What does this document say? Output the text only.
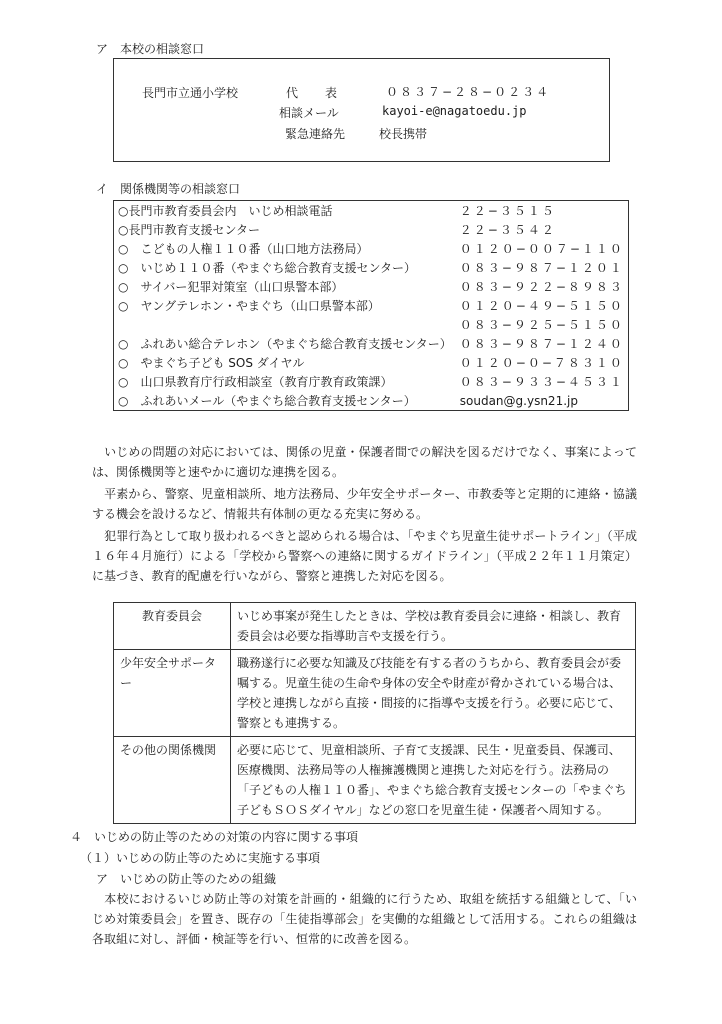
ア　本校の相談窓口
長門市立通小学校	代　　表	０８３７−２８−０２３４
相談メール	kayoi-e@nagatoedu.jp
緊急連絡先	校長携帯
イ　関係機関等の相談窓口
○長門市教育委員会内　いじめ相談電話	２２−３５１５
○長門市教育支援センター	２２−３５４２
○　こどもの人権１１０番（山口地方法務局）	０１２０−００７−１１０
○　いじめ１１０番（やまぐち総合教育支援センター）	０８３−９８７−１２０１
○　サイバー犯罪対策室（山口県警本部）	０８３−９２２−８９８３
○　ヤングテレホン・やまぐち（山口県警本部）	０１２０−４９−５１５０
	０８３−９２５−５１５０
○　ふれあい総合テレホン（やまぐち総合教育支援センター）	０８３−９８７−１２４０
○　やまぐち子ども SOS ダイヤル	０１２０−０−７８３１０
○　山口県教育庁行政相談室（教育庁教育政策課）	０８３−９３３−４５３１
○　ふれあいメール（やまぐち総合教育支援センター）	soudan@g.ysn21.jp
　いじめの問題の対応においては、関係の児童・保護者間での解決を図るだけでなく、事案によっては、関係機関等と速やかに適切な連携を図る。
　平素から、警察、児童相談所、地方法務局、少年安全サポーター、市教委等と定期的に連絡・協議する機会を設けるなど、情報共有体制の更なる充実に努める。
　犯罪行為として取り扱われるべきと認められる場合は、「やまぐち児童生徒サポートライン」（平成１６年４月施行）による「学校から警察への連絡に関するガイドライン」（平成２２年１１月策定）に基づき、教育的配慮を行いながら、警察と連携した対応を図る。
教育委員会	いじめ事案が発生したときは、学校は教育委員会に連絡・相談し、教育委員会は必要な指導助言や支援を行う。
少年安全サポーター	職務遂行に必要な知識及び技能を有する者のうちから、教育委員会が委嘱する。児童生徒の生命や身体の安全や財産が脅かされている場合は、学校と連携しながら直接・間接的に指導や支援を行う。必要に応じて、警察とも連携する。
その他の関係機関	必要に応じて、児童相談所、子育て支援課、民生・児童委員、保護司、医療機関、法務局等の人権擁護機関と連携した対応を行う。法務局の「子どもの人権１１０番」、やまぐち総合教育支援センターの「やまぐち子どもＳＯＳダイヤル」などの窓口を児童生徒・保護者へ周知する。
４　いじめの防止等のための対策の内容に関する事項
（１）いじめの防止等のために実施する事項
ア　いじめの防止等のための組織
　本校におけるいじめ防止等の対策を計画的・組織的に行うため、取組を統括する組織として、「いじめ対策委員会」を置き、既存の「生徒指導部会」を実働的な組織として活用する。これらの組織は各取組に対し、評価・検証等を行い、恒常的に改善を図る。
